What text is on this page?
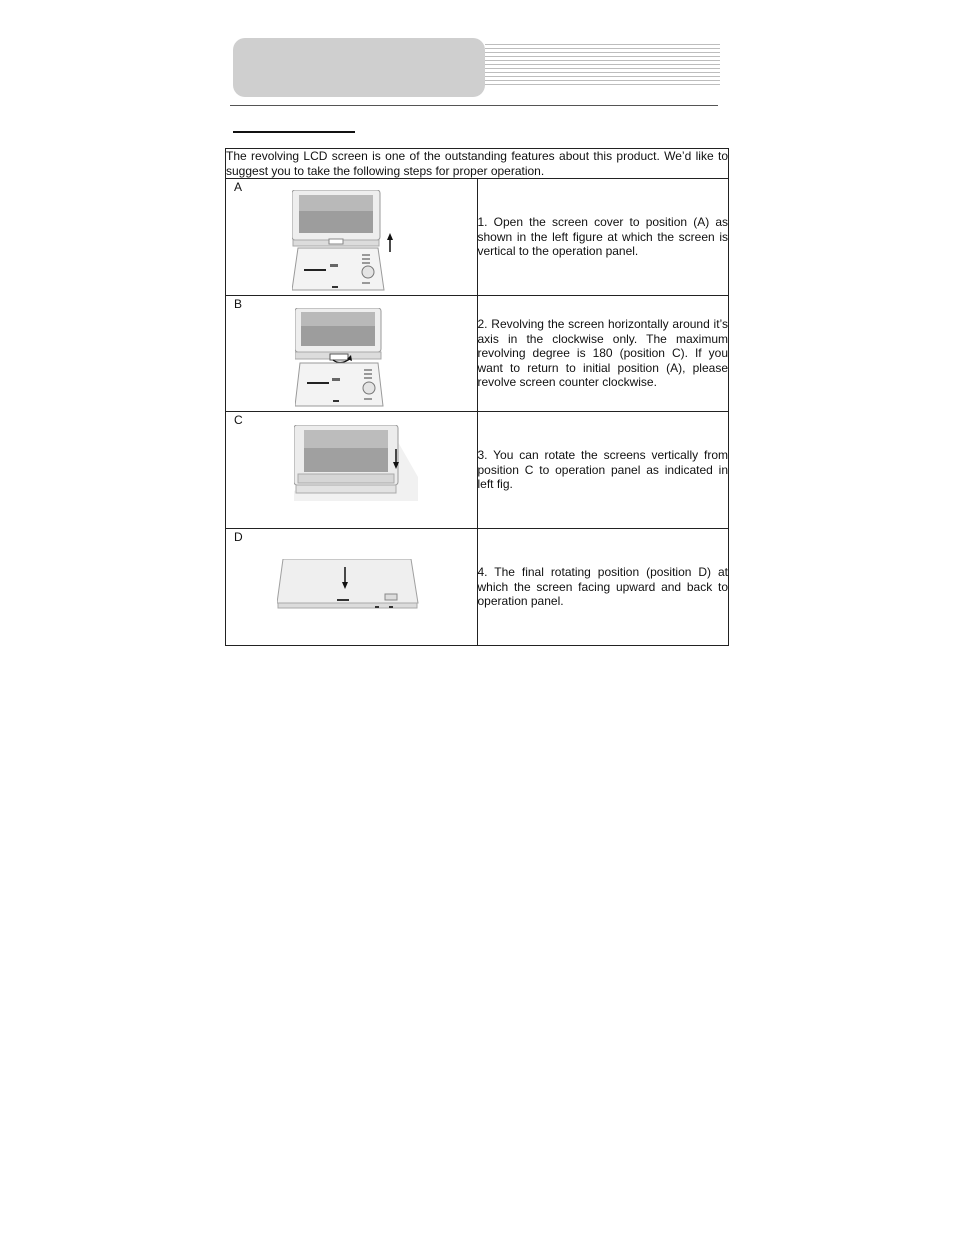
The revolving LCD screen is one of the outstanding features about this product. We’d like to suggest you to take the following steps for proper operation.	

A	1. Open the screen cover to position (A) as shown in the left figure at which the screen is vertical to the operation panel.

B	2. Revolving the screen horizontally around it’s axis in the clockwise only. The maximum revolving degree is 180 (position C). If you want to return to initial position (A), please revolve screen counter clockwise.

C	3. You can rotate the screens vertically from position C to operation panel as indicated in left fig.

D	4. The final rotating position (position D) at which the screen facing upward and back to operation panel.
